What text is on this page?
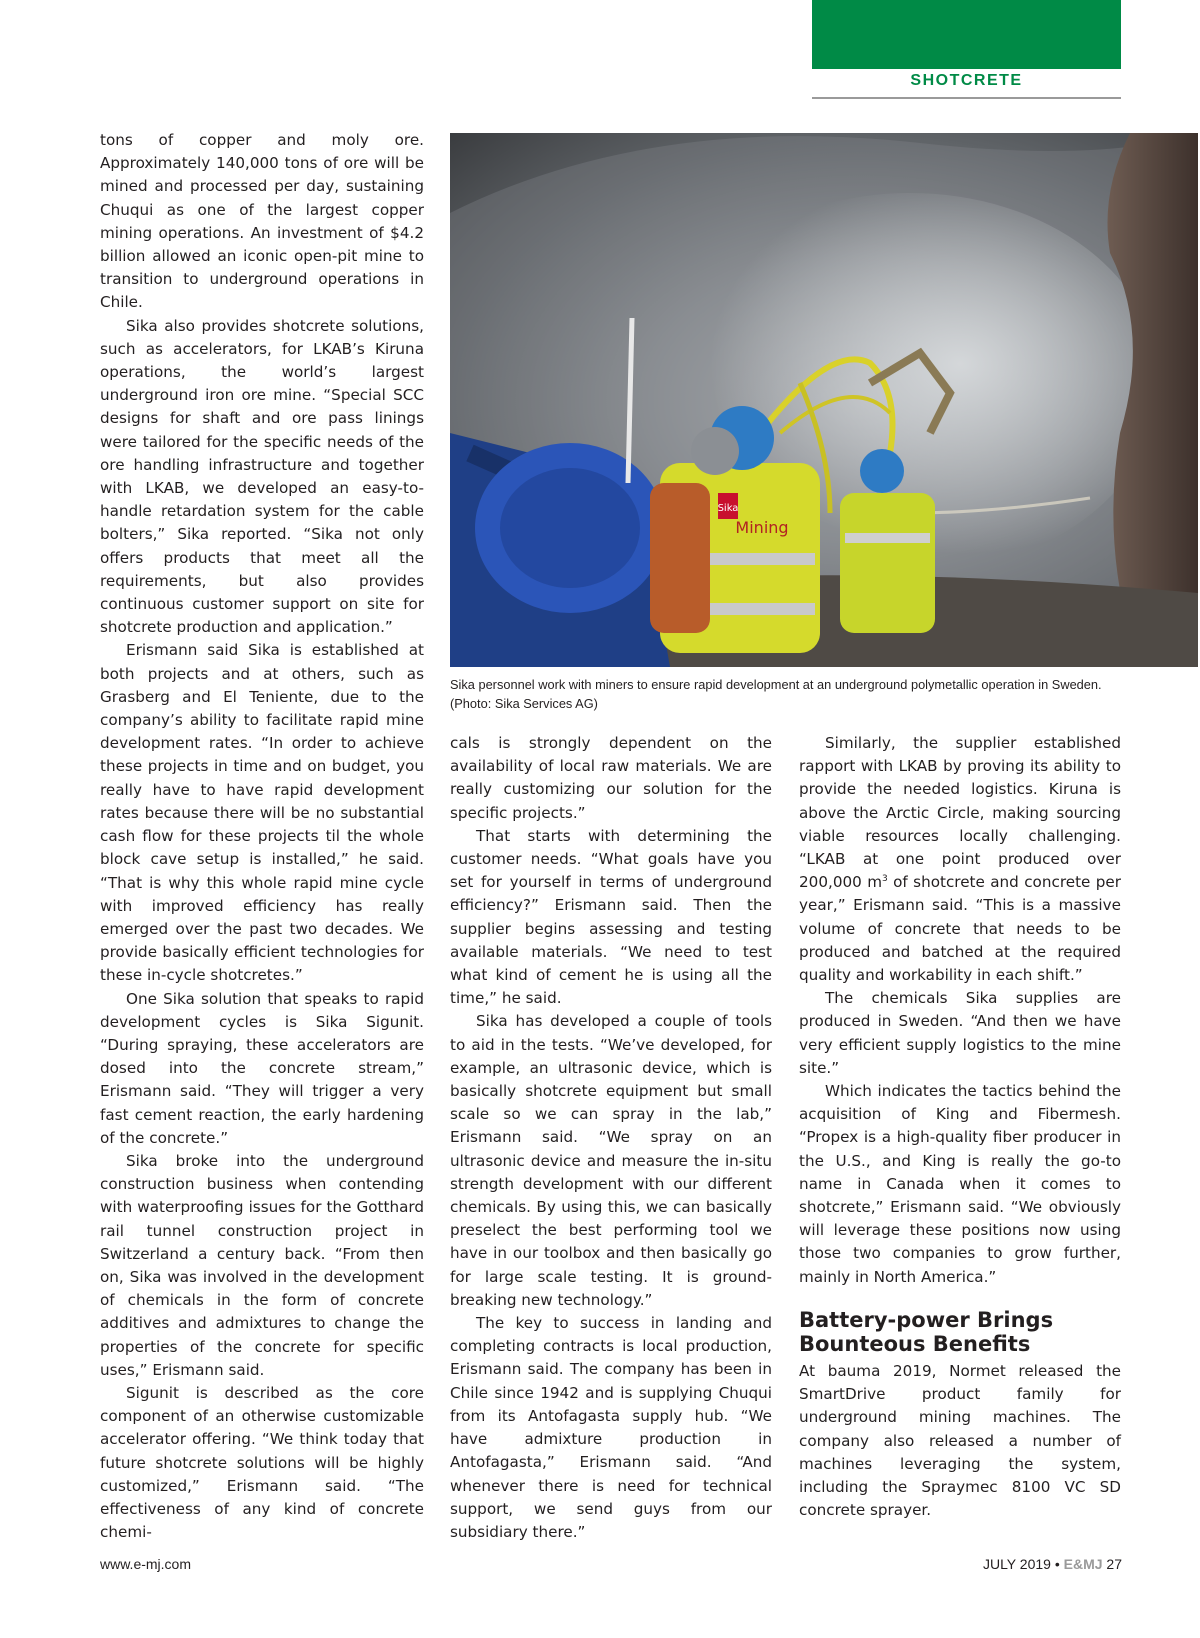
SHOTCRETE

tons of copper and moly ore. Approximately 140,000 tons of ore will be mined and processed per day, sustaining Chuqui as one of the largest copper mining operations. An investment of $4.2 billion allowed an iconic open-pit mine to transition to underground operations in Chile.

Sika also provides shotcrete solutions, such as accelerators, for LKAB’s Kiruna operations, the world’s largest underground iron ore mine. “Special SCC designs for shaft and ore pass linings were tailored for the specific needs of the ore handling infrastructure and together with LKAB, we developed an easy-to-handle retardation system for the cable bolters,” Sika reported. “Sika not only offers products that meet all the requirements, but also provides continuous customer support on site for shotcrete production and application.”

Erismann said Sika is established at both projects and at others, such as Grasberg and El Teniente, due to the company’s ability to facilitate rapid mine development rates. “In order to achieve these projects in time and on budget, you really have to have rapid development rates because there will be no substantial cash flow for these projects til the whole block cave setup is installed,” he said. “That is why this whole rapid mine cycle with improved efficiency has really emerged over the past two decades. We provide basically efficient technologies for these in-cycle shotcretes.”

One Sika solution that speaks to rapid development cycles is Sika Sigunit. “During spraying, these accelerators are dosed into the concrete stream,” Erismann said. “They will trigger a very fast cement reaction, the early hardening of the concrete.”

Sika broke into the underground construction business when contending with waterproofing issues for the Gotthard rail tunnel construction project in Switzerland a century back. “From then on, Sika was involved in the development of chemicals in the form of concrete additives and admixtures to change the properties of the concrete for specific uses,” Erismann said.

Sigunit is described as the core component of an otherwise customizable accelerator offering. “We think today that future shotcrete solutions will be highly customized,” Erismann said. “The effectiveness of any kind of concrete chemi-

Sika
Mining
Sika personnel work with miners to ensure rapid development at an underground polymetallic operation in Sweden.
(Photo: Sika Services AG)

cals is strongly dependent on the availability of local raw materials. We are really customizing our solution for the specific projects.”

That starts with determining the customer needs. “What goals have you set for yourself in terms of underground efficiency?” Erismann said. Then the supplier begins assessing and testing available materials. “We need to test what kind of cement he is using all the time,” he said.

Sika has developed a couple of tools to aid in the tests. “We’ve developed, for example, an ultrasonic device, which is basically shotcrete equipment but small scale so we can spray in the lab,” Erismann said. “We spray on an ultrasonic device and measure the in-situ strength development with our different chemicals. By using this, we can basically preselect the best performing tool we have in our toolbox and then basically go for large scale testing. It is ground-breaking new technology.”

The key to success in landing and completing contracts is local production, Erismann said. The company has been in Chile since 1942 and is supplying Chuqui from its Antofagasta supply hub. “We have admixture production in Antofagasta,” Erismann said. “And whenever there is need for technical support, we send guys from our subsidiary there.”

Similarly, the supplier established rapport with LKAB by proving its ability to provide the needed logistics. Kiruna is above the Arctic Circle, making sourcing viable resources locally challenging. “LKAB at one point produced over 200,000 $m^3$ of shotcrete and concrete per year,” Erismann said. “This is a massive volume of concrete that needs to be produced and batched at the required quality and workability in each shift.”

The chemicals Sika supplies are produced in Sweden. “And then we have very efficient supply logistics to the mine site.”

Which indicates the tactics behind the acquisition of King and Fibermesh. “Propex is a high-quality fiber producer in the U.S., and King is really the go-to name in Canada when it comes to shotcrete,” Erismann said. “We obviously will leverage these positions now using those two companies to grow further, mainly in North America.”

Battery-power Brings
Bounteous Benefits

At bauma 2019, Normet released the SmartDrive product family for underground mining machines. The company also released a number of machines leveraging the system, including the Spraymec 8100 VC SD concrete sprayer.

www.e-mj.com	JULY 2019 • E&MJ 27
